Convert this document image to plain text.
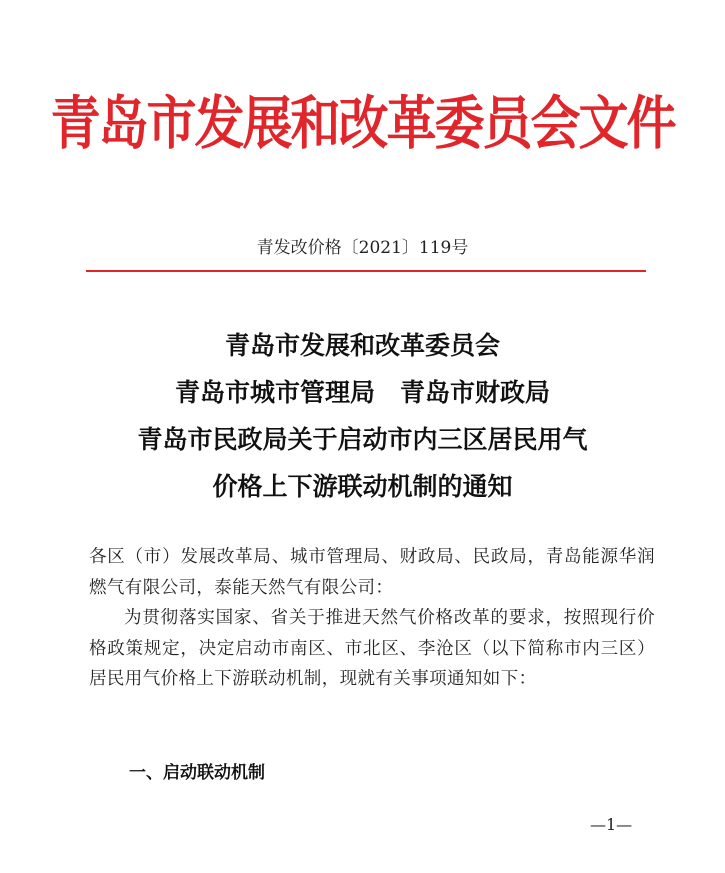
青岛市发展和改革委员会文件
青发改价格〔2021〕119号
青岛市发展和改革委员会
青岛市城市管理局　青岛市财政局
青岛市民政局关于启动市内三区居民用气
价格上下游联动机制的通知

各区（市）发展改革局、城市管理局、财政局、民政局，青岛能源华润燃气有限公司，泰能天然气有限公司：

为贯彻落实国家、省关于推进天然气价格改革的要求，按照现行价格政策规定，决定启动市南区、市北区、李沧区（以下简称市内三区）居民用气价格上下游联动机制，现就有关事项通知如下：

一、启动联动机制
—1—
